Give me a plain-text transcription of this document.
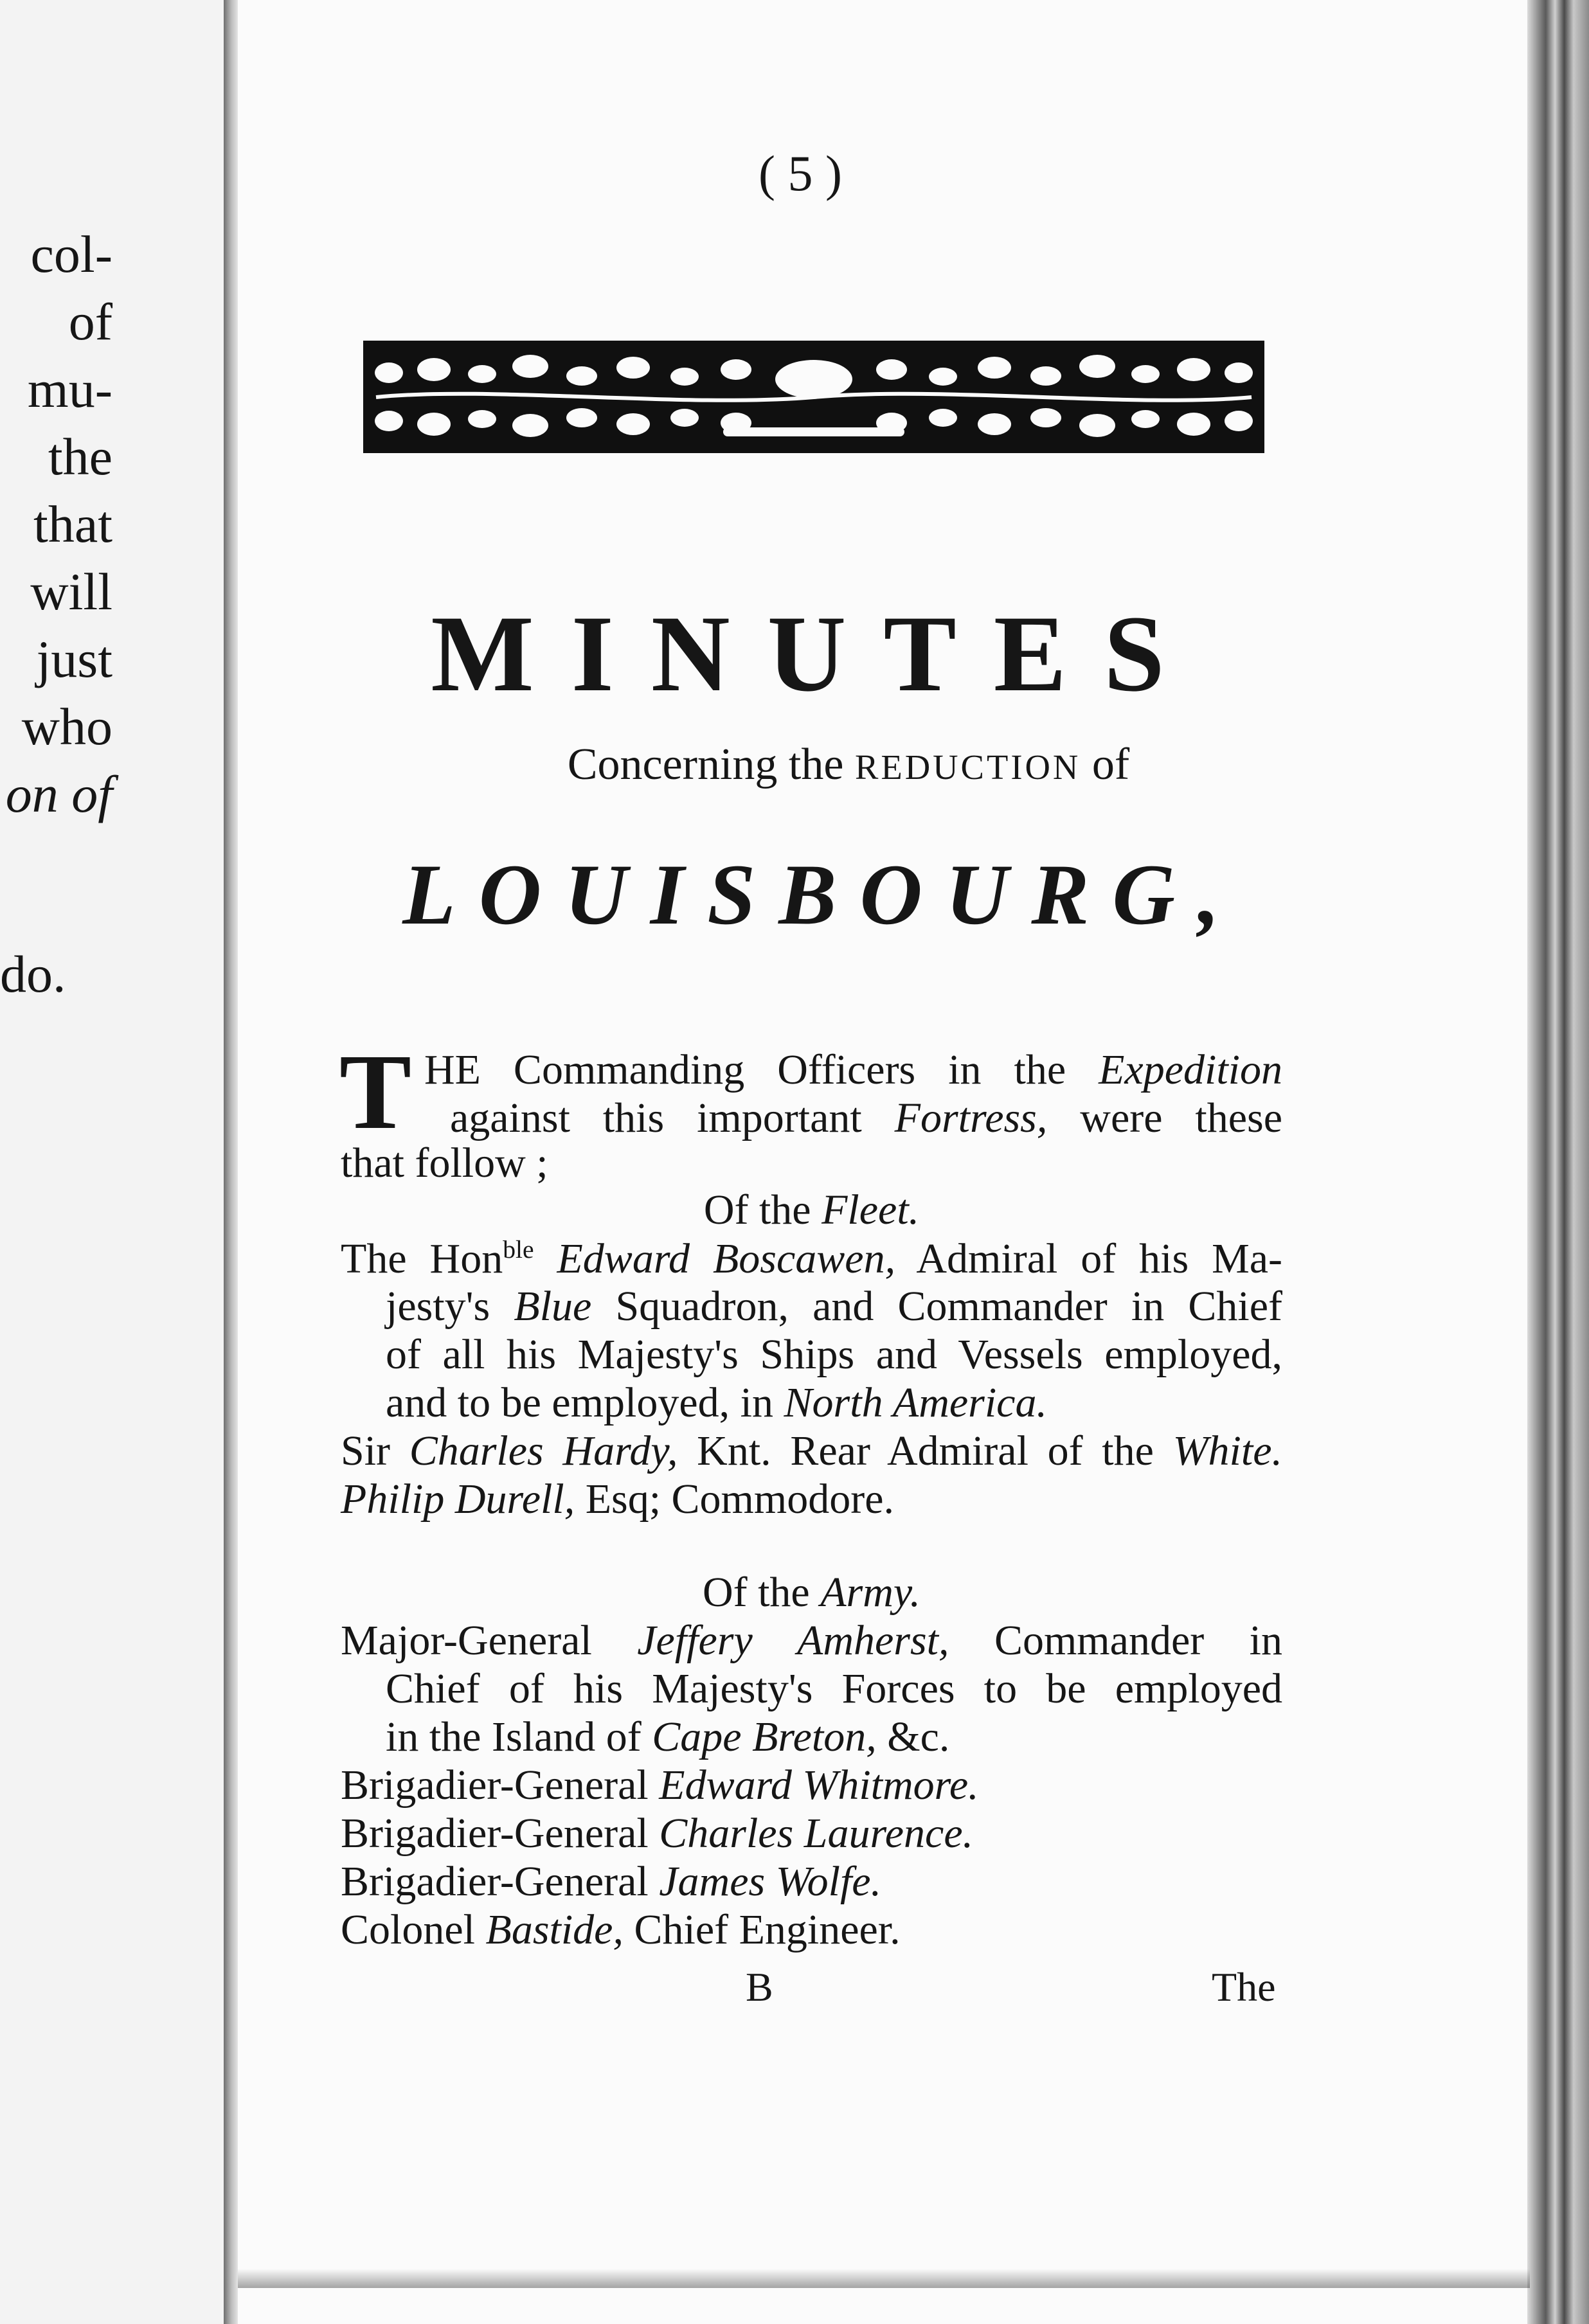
col-
of
mu-
the
that
will
just
who
on of
do.
( 5 )
MINUTES
Concerning the REDUCTION of
LOUISBOURG,
T HE Commanding Officers in the Expedition
against this important Fortress, were these
that follow ;
Of the Fleet.
The Hon$^{ble}$ Edward Boscawen, Admiral of his Ma-
jesty's Blue Squadron, and Commander in Chief
of all his Majesty's Ships and Vessels employed,
and to be employed, in North America.
Sir Charles Hardy, Knt. Rear Admiral of the White.
Philip Durell, Esq; Commodore.
Of the Army.
Major-General Jeffery Amherst, Commander in
Chief of his Majesty's Forces to be employed
in the Island of Cape Breton, &c.
Brigadier-General Edward Whitmore.
Brigadier-General Charles Laurence.
Brigadier-General James Wolfe.
Colonel Bastide, Chief Engineer.
B	The
